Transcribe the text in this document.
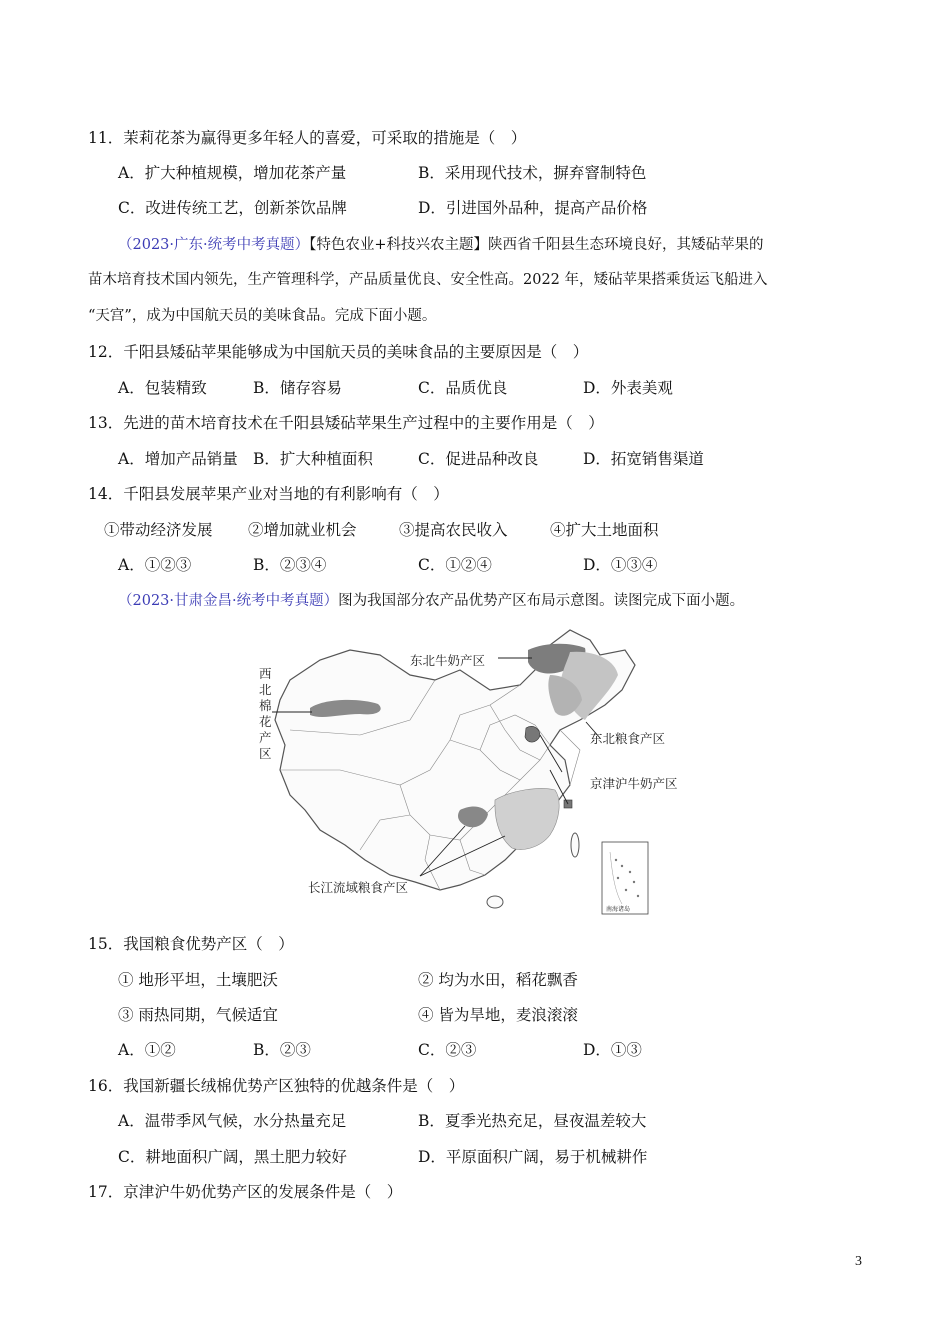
11．茉莉花茶为赢得更多年轻人的喜爱，可采取的措施是（　）
A．扩大种植规模，增加花茶产量	B．采用现代技术，摒弃窨制特色
C．改进传统工艺，创新茶饮品牌	D．引进国外品种，提高产品价格
（2023·广东·统考中考真题）【特色农业+科技兴农主题】陕西省千阳县生态环境良好，其矮砧苹果的
苗木培育技术国内领先，生产管理科学，产品质量优良、安全性高。2022 年，矮砧苹果搭乘货运飞船进入
“天宫”，成为中国航天员的美味食品。完成下面小题。
12．千阳县矮砧苹果能够成为中国航天员的美味食品的主要原因是（　）
A．包装精致	B．储存容易	C．品质优良	D．外表美观
13．先进的苗木培育技术在千阳县矮砧苹果生产过程中的主要作用是（　）
A．增加产品销量 B．扩大种植面积	C．促进品种改良	D．拓宽销售渠道
14．千阳县发展苹果产业对当地的有利影响有（　）
①带动经济发展 ②增加就业机会	③提高农民收入	④扩大土地面积
A．①②③	B．②③④	C．①②④	D．①③④
（2023·甘肃金昌·统考中考真题）图为我国部分农产品优势产区布局示意图。读图完成下面小题。
西
北
棉
花
产
区
东北牛奶产区
东北粮食产区
京津沪牛奶产区
长江流域粮食产区
南海诸岛
15．我国粮食优势产区（　）
① 地形平坦，土壤肥沃	② 均为水田，稻花飘香
③ 雨热同期，气候适宜	④ 皆为旱地，麦浪滚滚
A．①②	B．②③	C．②③	D．①③
16．我国新疆长绒棉优势产区独特的优越条件是（　）
A．温带季风气候，水分热量充足	B．夏季光热充足，昼夜温差较大
C．耕地面积广阔，黑土肥力较好	D．平原面积广阔，易于机械耕作
17．京津沪牛奶优势产区的发展条件是（　）
3
